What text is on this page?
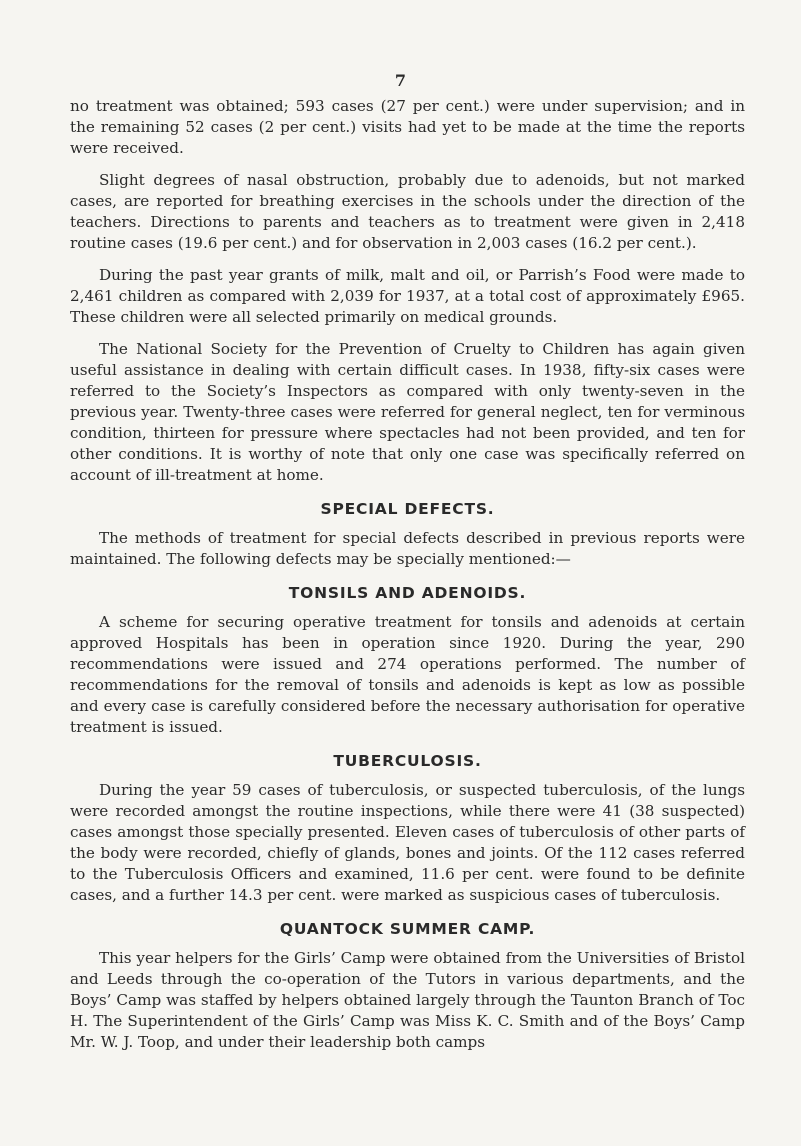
7

no treatment was obtained; 593 cases (27 per cent.) were under supervision; and in the remaining 52 cases (2 per cent.) visits had yet to be made at the time the reports were received.

Slight degrees of nasal obstruction, probably due to adenoids, but not marked cases, are reported for breathing exercises in the schools under the direction of the teachers. Directions to parents and teachers as to treatment were given in 2,418 routine cases (19.6 per cent.) and for observation in 2,003 cases (16.2 per cent.).

During the past year grants of milk, malt and oil, or Parrish’s Food were made to 2,461 children as compared with 2,039 for 1937, at a total cost of approximately £965. These children were all selected primarily on medical grounds.

The National Society for the Prevention of Cruelty to Children has again given useful assistance in dealing with certain difficult cases. In 1938, fifty-six cases were referred to the Society’s Inspectors as compared with only twenty-seven in the previous year. Twenty-three cases were referred for general neglect, ten for verminous condition, thirteen for pressure where spectacles had not been provided, and ten for other conditions. It is worthy of note that only one case was specifically referred on account of ill-treatment at home.

SPECIAL DEFECTS.

The methods of treatment for special defects described in previous reports were maintained. The following defects may be specially mentioned:—

TONSILS AND ADENOIDS.

A scheme for securing operative treatment for tonsils and adenoids at certain approved Hospitals has been in operation since 1920. During the year, 290 recommendations were issued and 274 operations performed. The number of recommendations for the removal of tonsils and adenoids is kept as low as possible and every case is carefully considered before the necessary authorisation for operative treatment is issued.

TUBERCULOSIS.

During the year 59 cases of tuberculosis, or suspected tuberculosis, of the lungs were recorded amongst the routine inspections, while there were 41 (38 suspected) cases amongst those specially presented. Eleven cases of tuberculosis of other parts of the body were recorded, chiefly of glands, bones and joints. Of the 112 cases referred to the Tuberculosis Officers and examined, 11.6 per cent. were found to be definite cases, and a further 14.3 per cent. were marked as suspicious cases of tuberculosis.

QUANTOCK SUMMER CAMP.

This year helpers for the Girls’ Camp were obtained from the Universities of Bristol and Leeds through the co-operation of the Tutors in various departments, and the Boys’ Camp was staffed by helpers obtained largely through the Taunton Branch of Toc H. The Superintendent of the Girls’ Camp was Miss K. C. Smith and of the Boys’ Camp Mr. W. J. Toop, and under their leadership both camps
